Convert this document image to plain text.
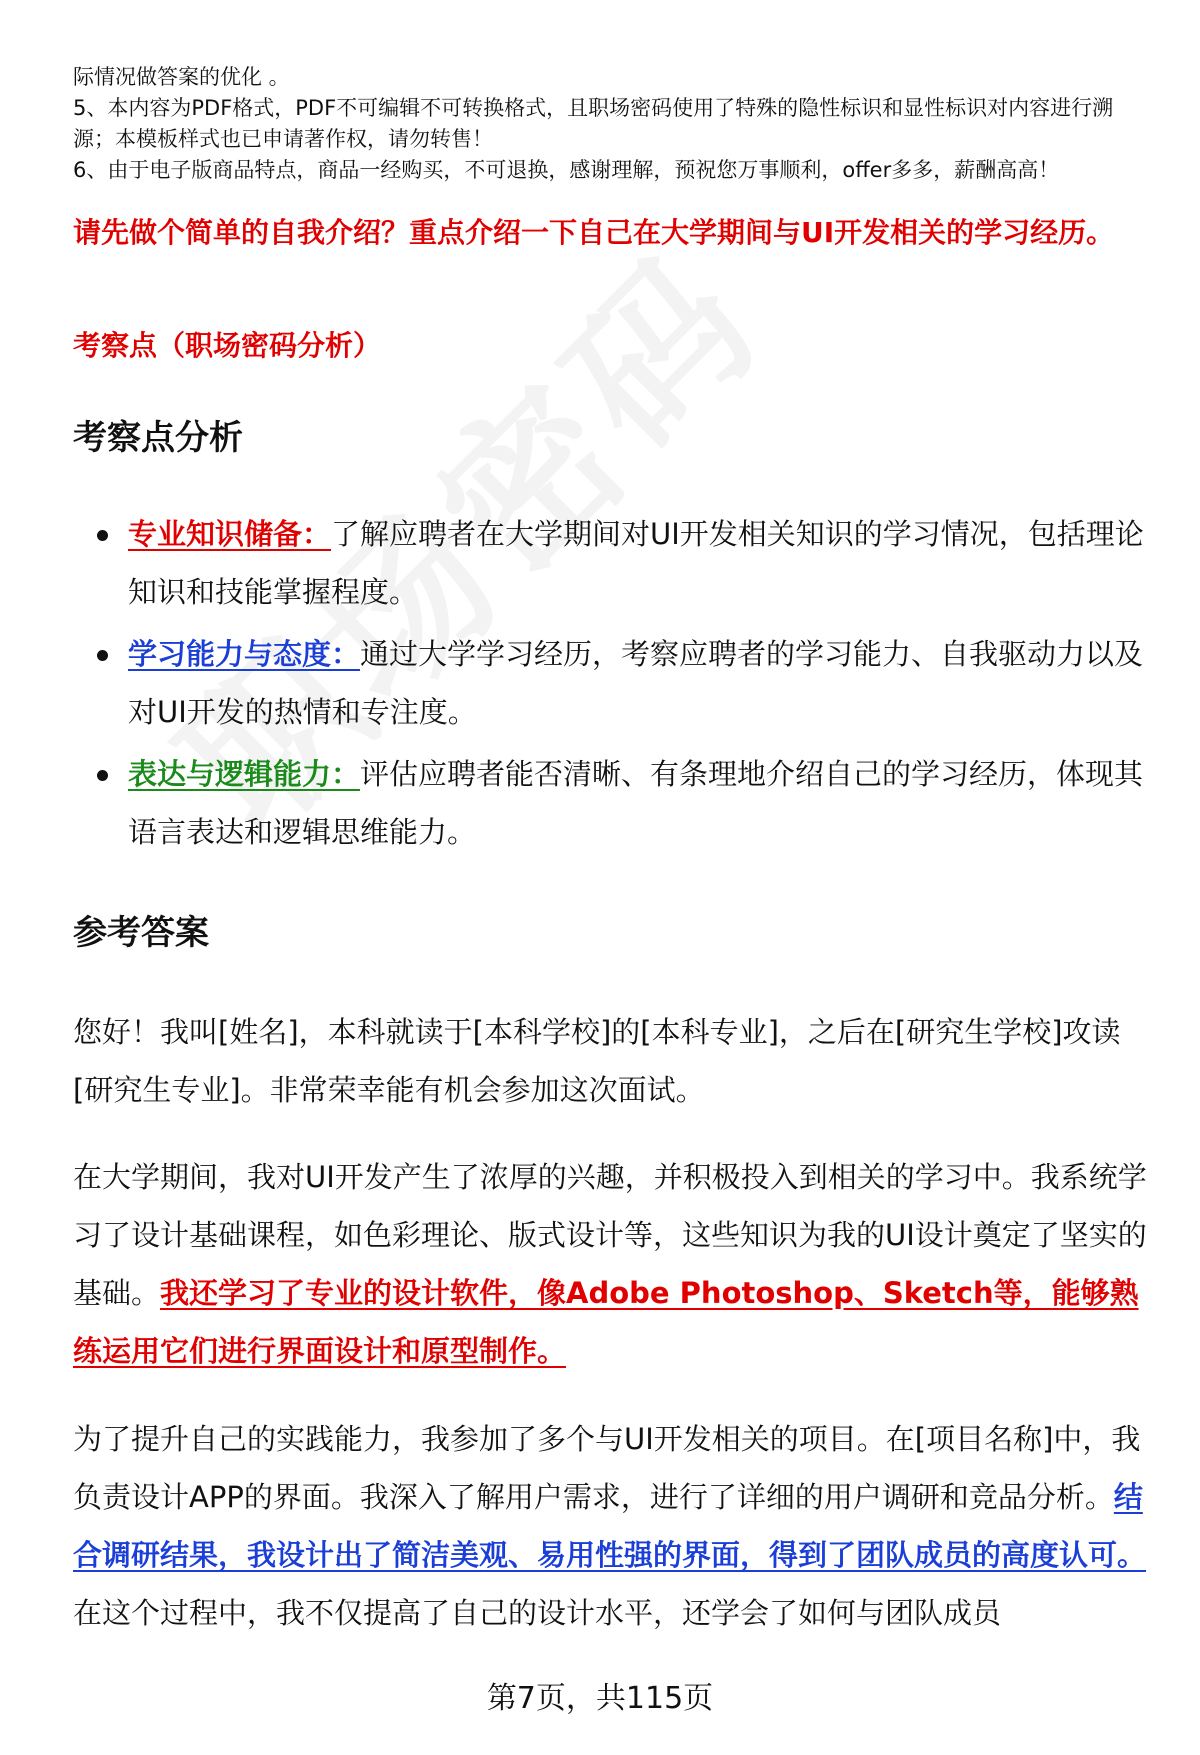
际情况做答案的优化 。

5、本内容为PDF格式，PDF不可编辑不可转换格式，且职场密码使用了特殊的隐性标识和显性标识对内容进行溯源；本模板样式也已申请著作权，请勿转售！

6、由于电子版商品特点，商品一经购买，不可退换，感谢理解，预祝您万事顺利，offer多多，薪酬高高！

请先做个简单的自我介绍？重点介绍一下自己在大学期间与UI开发相关的学习经历。

考察点（职场密码分析）

考察点分析
专业知识储备：了解应聘者在大学期间对UI开发相关知识的学习情况，包括理论知识和技能掌握程度。
学习能力与态度：通过大学学习经历，考察应聘者的学习能力、自我驱动力以及对UI开发的热情和专注度。
表达与逻辑能力：评估应聘者能否清晰、有条理地介绍自己的学习经历，体现其语言表达和逻辑思维能力。
参考答案

您好！我叫[姓名]，本科就读于[本科学校]的[本科专业]，之后在[研究生学校]攻读[研究生专业]。非常荣幸能有机会参加这次面试。

在大学期间，我对UI开发产生了浓厚的兴趣，并积极投入到相关的学习中。我系统学习了设计基础课程，如色彩理论、版式设计等，这些知识为我的UI设计奠定了坚实的基础。我还学习了专业的设计软件，像Adobe Photoshop、Sketch等，能够熟练运用它们进行界面设计和原型制作。

为了提升自己的实践能力，我参加了多个与UI开发相关的项目。在[项目名称]中，我负责设计APP的界面。我深入了解用户需求，进行了详细的用户调研和竞品分析。结合调研结果，我设计出了简洁美观、易用性强的界面，得到了团队成员的高度认可。在这个过程中，我不仅提高了自己的设计水平，还学会了如何与团队成员

第7页，共115页
